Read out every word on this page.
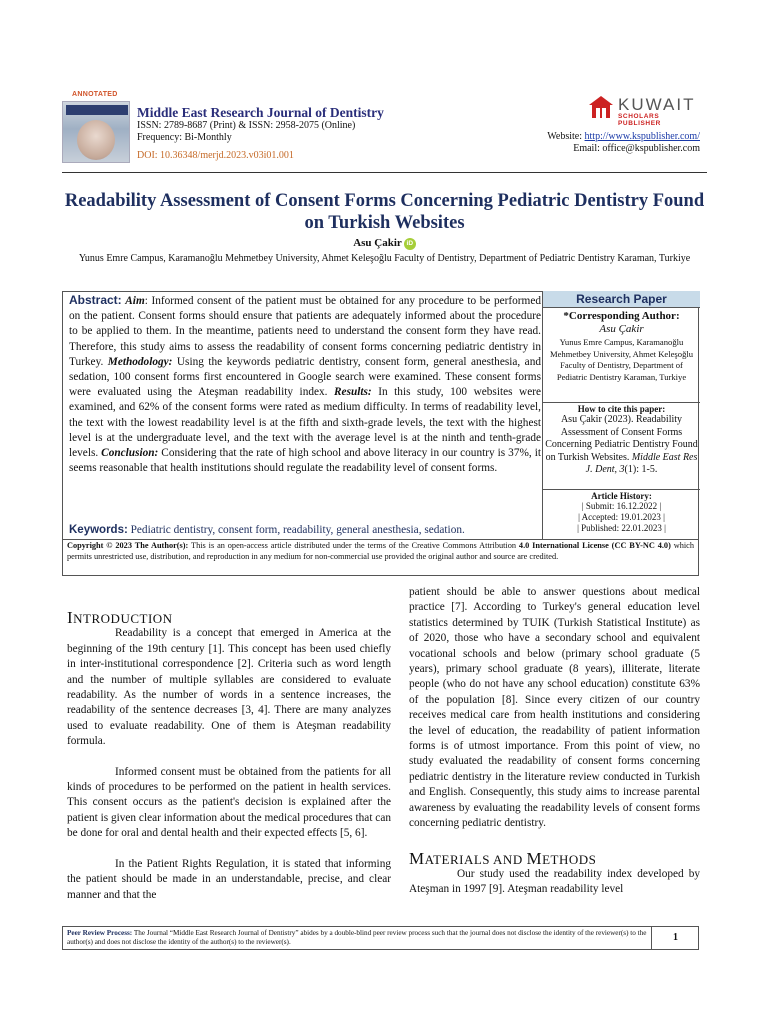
ANNOTATED
Middle East Research Journal of Dentistry
ISSN: 2789-8687 (Print) & ISSN: 2958-2075 (Online)
Frequency: Bi-Monthly
DOI: 10.36348/merjd.2023.v03i01.001
KUWAIT
SCHOLARS PUBLISHER
Website: http://www.kspublisher.com/
Email: office@kspublisher.com
Readability Assessment of Consent Forms Concerning Pediatric Dentistry Found on Turkish Websites
Asu Çakir iD
Yunus Emre Campus, Karamanoğlu Mehmetbey University, Ahmet Keleşoğlu Faculty of Dentistry, Department of Pediatric Dentistry Karaman, Turkiye
Abstract: Aim: Informed consent of the patient must be obtained for any procedure to be performed on the patient. Consent forms should ensure that patients are adequately informed about the procedure to be applied to them. In the meantime, patients need to understand the consent form they have read. Therefore, this study aims to assess the readability of consent forms concerning pediatric dentistry in Turkey. Methodology: Using the keywords pediatric dentistry, consent form, general anesthesia, and sedation, 100 consent forms first encountered in Google search were examined. These consent forms were evaluated using the Ateşman readability index. Results: In this study, 100 websites were examined, and 62% of the consent forms were rated as medium difficulty. In terms of readability level, the text with the lowest readability level is at the fifth and sixth-grade levels, the text with the highest level is at the undergraduate level, and the text with the average level is at the ninth and tenth-grade levels. Conclusion: Considering that the rate of high school and above literacy in our country is 37%, it seems reasonable that health institutions should regulate the readability level of consent forms.
Keywords: Pediatric dentistry, consent form, readability, general anesthesia, sedation.
Research Paper
*Corresponding Author:
Asu Çakir
Yunus Emre Campus, Karamanoğlu Mehmetbey University, Ahmet Keleşoğlu Faculty of Dentistry, Department of Pediatric Dentistry Karaman, Turkiye
How to cite this paper:
Asu Çakir (2023). Readability Assessment of Consent Forms Concerning Pediatric Dentistry Found on Turkish Websites. Middle East Res J. Dent, 3(1): 1-5.
Article History:
| Submit: 16.12.2022 |
| Accepted: 19.01.2023 |
| Published: 22.01.2023 |
Copyright © 2023 The Author(s): This is an open-access article distributed under the terms of the Creative Commons Attribution 4.0 International License (CC BY-NC 4.0) which permits unrestricted use, distribution, and reproduction in any medium for non-commercial use provided the original author and source are credited.
INTRODUCTION

Readability is a concept that emerged in America at the beginning of the 19th century [1]. This concept has been used chiefly in inter-institutional correspondence [2]. Criteria such as word length and the number of multiple syllables are considered to evaluate readability. As the number of words in a sentence increases, the readability of the sentence decreases [3, 4]. There are many analyzes used to evaluate readability. One of them is Ateşman readability formula.

Informed consent must be obtained from the patients for all kinds of procedures to be performed on the patient in health services. This consent occurs as the patient's decision is explained after the patient is given clear information about the medical procedures that can be done for oral and dental health and their expected effects [5, 6].

In the Patient Rights Regulation, it is stated that informing the patient should be made in an understandable, precise, and clear manner and that the

patient should be able to answer questions about medical practice [7]. According to Turkey's general education level statistics determined by TUIK (Turkish Statistical Institute) as of 2020, those who have a secondary school and equivalent vocational schools and below (primary school graduate (5 years), primary school graduate (8 years), illiterate, literate people (who do not have any school education) constitute 63% of the population [8]. Since every citizen of our country receives medical care from health institutions and considering the level of education, the readability of patient information forms is of utmost importance. From this point of view, no study evaluated the readability of consent forms concerning pediatric dentistry in the literature review conducted in Turkish and English. Consequently, this study aims to increase parental awareness by evaluating the readability levels of consent forms concerning pediatric dentistry.

MATERIALS AND METHODS

Our study used the readability index developed by Ateşman in 1997 [9]. Ateşman readability level

Peer Review Process: The Journal “Middle East Research Journal of Dentistry” abides by a double-blind peer review process such that the journal does not disclose the identity of the reviewer(s) to the author(s) and does not disclose the identity of the author(s) to the reviewer(s).	1
